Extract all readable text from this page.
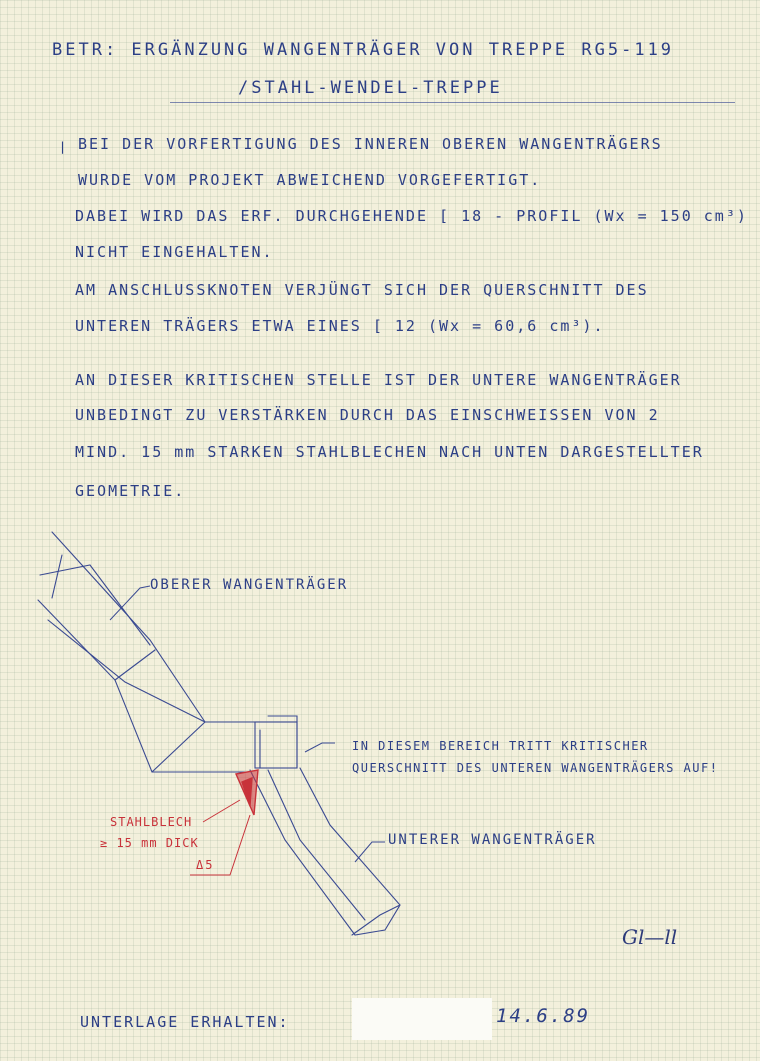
BETR: ERGÄNZUNG WANGENTRÄGER VON TREPPE RG5-119
/STAHL-WENDEL-TREPPE
❘ BEI DER VORFERTIGUNG DES INNEREN OBEREN WANGENTRÄGERS
WURDE VOM PROJEKT ABWEICHEND VORGEFERTIGT.
DABEI WIRD DAS ERF. DURCHGEHENDE [ 18 - PROFIL (Wx = 150 cm³)
NICHT EINGEHALTEN.
AM ANSCHLUSSKNOTEN VERJÜNGT SICH DER QUERSCHNITT DES
UNTEREN TRÄGERS ETWA EINES [ 12 (Wx = 60,6 cm³).
AN DIESER KRITISCHEN STELLE IST DER UNTERE WANGENTRÄGER
UNBEDINGT ZU VERSTÄRKEN DURCH DAS EINSCHWEISSEN VON 2
MIND. 15 mm STARKEN STAHLBLECHEN NACH UNTEN DARGESTELLTER
GEOMETRIE.
OBERER WANGENTRÄGER
IN DIESEM BEREICH TRITT KRITISCHER
QUERSCHNITT DES UNTEREN WANGENTRÄGERS AUF!
UNTERER WANGENTRÄGER
STAHLBLECH
≥ 15 mm DICK
Δ5
Gl—ll
UNTERLAGE ERHALTEN:	14.6.89
